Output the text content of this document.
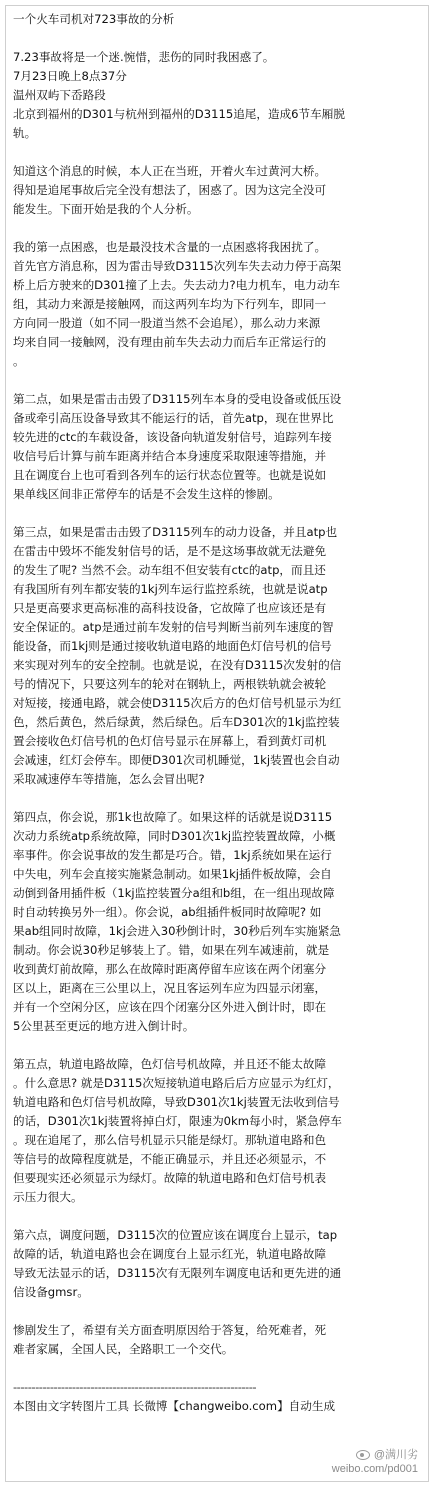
一个火车司机对723事故的分析
7.23事故将是一个迷.惋惜，悲伤的同时我困惑了。
7月23日晚上8点37分
温州双屿下岙路段
北京到福州的D301与杭州到福州的D3115追尾，造成6节车厢脱
轨。
知道这个消息的时候，本人正在当班，开着火车过黄河大桥。
得知是追尾事故后完全没有想法了，困惑了。因为这完全没可
能发生。下面开始是我的个人分析。
我的第一点困惑，也是最没技术含量的一点困惑将我困扰了。
首先官方消息称，因为雷击导致D3115次列车失去动力停于高架
桥上后方驶来的D301撞了上去。失去动力?电力机车，电力动车
组，其动力来源是接触网，而这两列车均为下行列车，即同一
方向同一股道（如不同一股道当然不会追尾），那么动力来源
均来自同一接触网，没有理由前车失去动力而后车正常运行的
。
第二点，如果是雷击击毁了D3115列车本身的受电设备或低压设
备或牵引高压设备导致其不能运行的话，首先atp，现在世界比
较先进的ctc的车载设备，该设备向轨道发射信号，追踪列车接
收信号后计算与前车距离并结合本身速度采取限速等措施，并
且在调度台上也可看到各列车的运行状态位置等。也就是说如
果单线区间非正常停车的话是不会发生这样的惨剧。
第三点，如果是雷击击毁了D3115列车的动力设备，并且atp也
在雷击中毁坏不能发射信号的话，是不是这场事故就无法避免
的发生了呢? 当然不会。动车组不但安装有ctc的atp，而且还
有我国所有列车都安装的1kj列车运行监控系统，也就是说atp
只是更高要求更高标准的高科技设备，它故障了也应该还是有
安全保证的。atp是通过前车发射的信号判断当前列车速度的智
能设备，而1kj则是通过接收轨道电路的地面色灯信号机的信号
来实现对列车的安全控制。也就是说，在没有D3115次发射的信
号的情况下，只要这列车的轮对在钢轨上，两根铁轨就会被轮
对短接，接通电路，就会使D3115次后方的色灯信号机显示为红
色，然后黄色，然后绿黄，然后绿色。后车D301次的1kj监控装
置会接收色灯信号机的色灯信号显示在屏幕上，看到黄灯司机
会减速，红灯会停车。即便D301次司机睡觉，1kj装置也会自动
采取减速停车等措施，怎么会冒出呢?
第四点，你会说，那1k也故障了。如果这样的话就是说D3115
次动力系统atp系统故障，同时D301次1kj监控装置故障，小概
率事件。你会说事故的发生都是巧合。错，1kj系统如果在运行
中失电，列车会直接实施紧急制动。如果1kj插件板故障，会自
动倒到备用插件板（1kj监控装置分a组和b组，在一组出现故障
时自动转换另外一组）。你会说，ab组插件板同时故障呢? 如
果ab组同时故障，1kj会进入30秒倒计时，30秒后列车实施紧急
制动。你会说30秒足够装上了。错，如果在列车减速前，就是
收到黄灯前故障，那么在故障时距离停留车应该在两个闭塞分
区以上，距离在三公里以上，况且客运列车应为四显示闭塞，
并有一个空闲分区，应该在四个闭塞分区外进入倒计时，即在
5公里甚至更远的地方进入倒计时。
第五点，轨道电路故障，色灯信号机故障，并且还不能太故障
。什么意思? 就是D3115次短接轨道电路后后方应显示为红灯，
轨道电路和色灯信号机故障，导致D301次1kj装置无法收到信号
的话，D301次1kj装置将掉白灯，限速为0km每小时，紧急停车
。现在追尾了，那么信号机显示只能是绿灯。那轨道电路和色
等信号的故障程度就是，不能正确显示，并且还必须显示，不
但要现实还必须显示为绿灯。故障的轨道电路和色灯信号机表
示压力很大。
第六点，调度问题，D3115次的位置应该在调度台上显示，tap
故障的话，轨道电路也会在调度台上显示红光，轨道电路故障
导致无法显示的话，D3115次有无限列车调度电话和更先进的通
信设备gmsr。
惨剧发生了，希望有关方面查明原因给于答复，给死难者，死
难者家属，全国人民，全路职工一个交代。
------------------------------------------------------------------
本图由文字转图片工具 长微博【changweibo.com】自动生成
@满川劣
weibo.com/pd001
